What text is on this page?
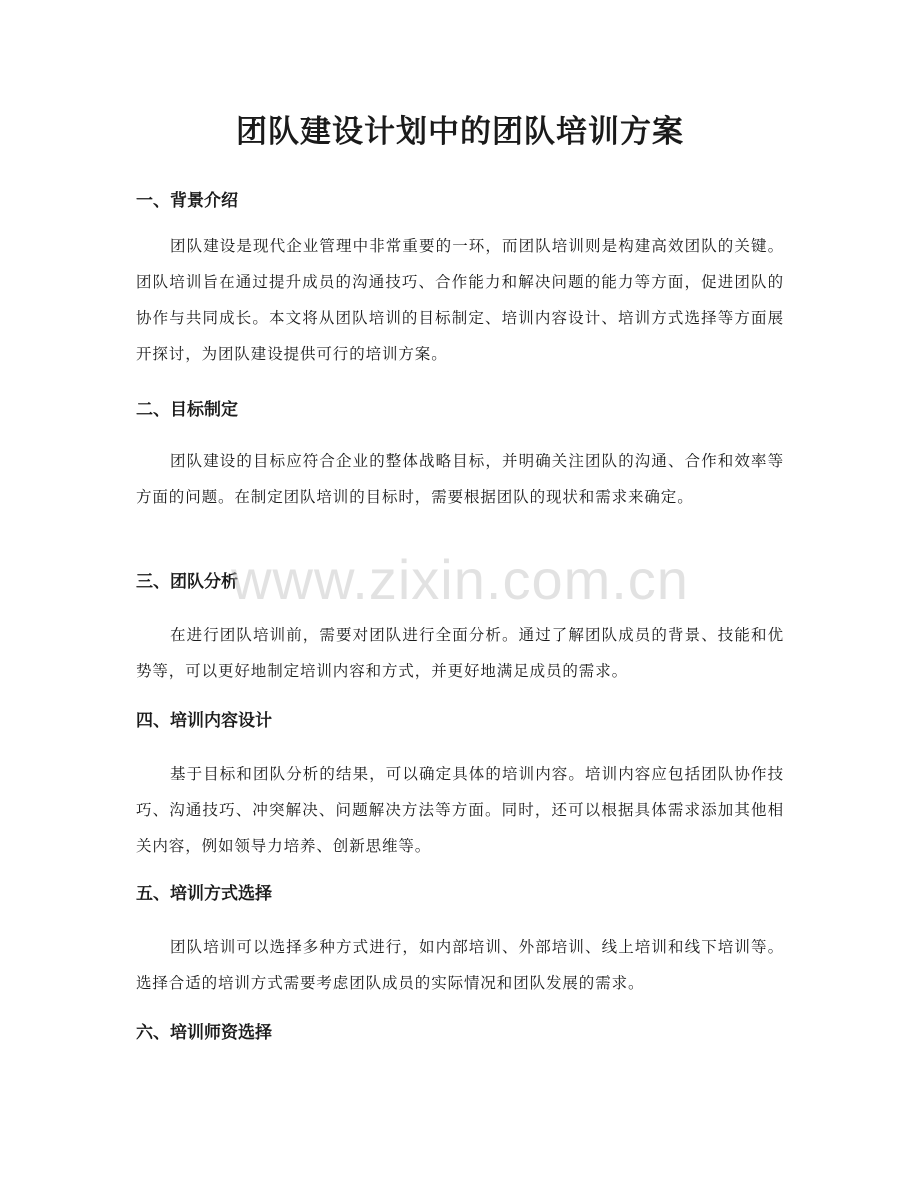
团队建设计划中的团队培训方案
一、背景介绍

团队建设是现代企业管理中非常重要的一环，而团队培训则是构建高效团队的关键。团队培训旨在通过提升成员的沟通技巧、合作能力和解决问题的能力等方面，促进团队的协作与共同成长。本文将从团队培训的目标制定、培训内容设计、培训方式选择等方面展开探讨，为团队建设提供可行的培训方案。

二、目标制定

团队建设的目标应符合企业的整体战略目标，并明确关注团队的沟通、合作和效率等方面的问题。在制定团队培训的目标时，需要根据团队的现状和需求来确定。

三、团队分析

在进行团队培训前，需要对团队进行全面分析。通过了解团队成员的背景、技能和优势等，可以更好地制定培训内容和方式，并更好地满足成员的需求。

四、培训内容设计

基于目标和团队分析的结果，可以确定具体的培训内容。培训内容应包括团队协作技巧、沟通技巧、冲突解决、问题解决方法等方面。同时，还可以根据具体需求添加其他相关内容，例如领导力培养、创新思维等。

五、培训方式选择

团队培训可以选择多种方式进行，如内部培训、外部培训、线上培训和线下培训等。选择合适的培训方式需要考虑团队成员的实际情况和团队发展的需求。

六、培训师资选择
www.zixin.com.cn
